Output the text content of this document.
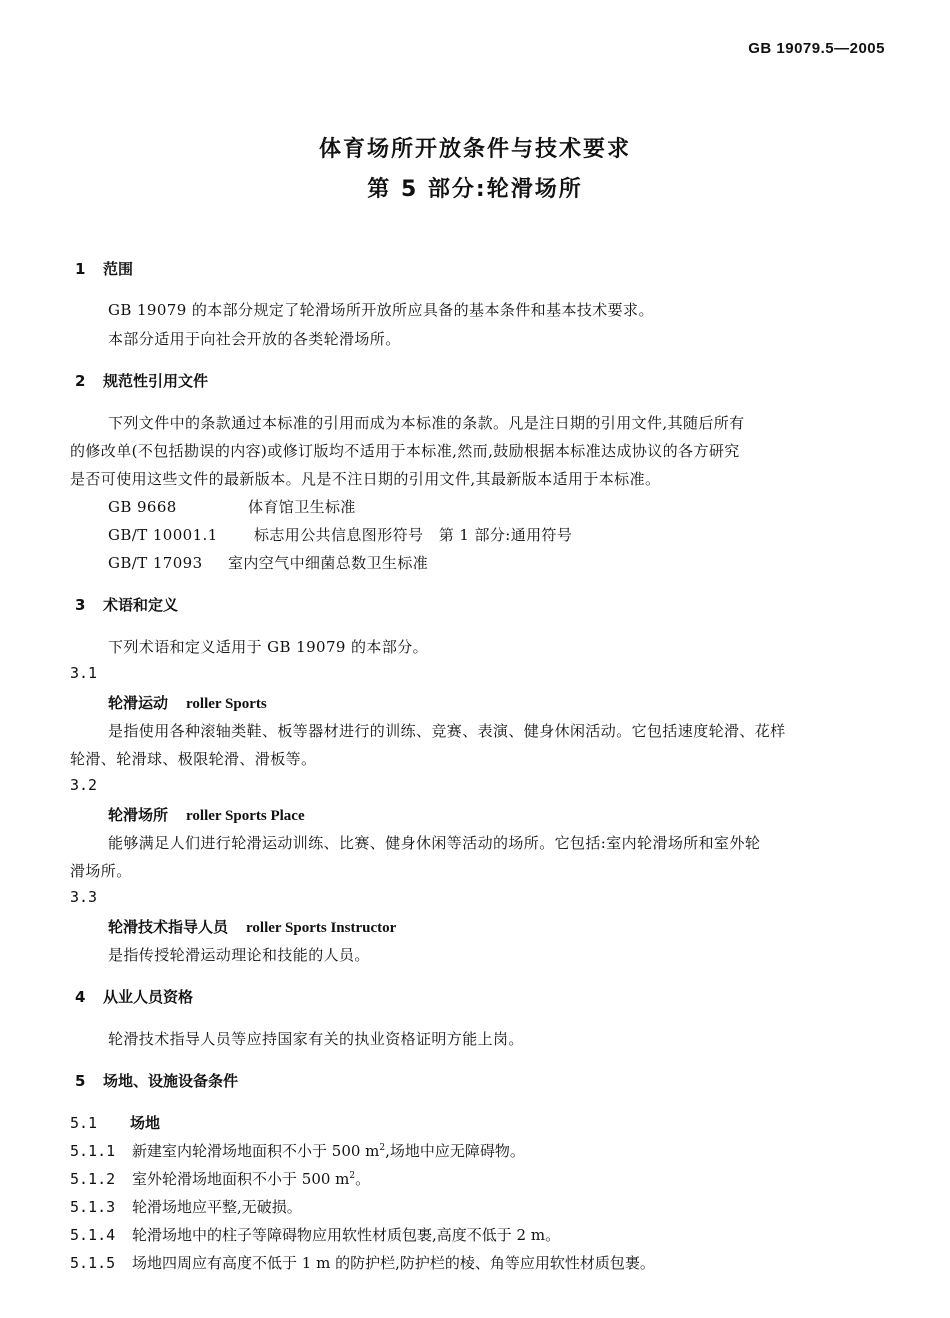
GB 19079.5—2005
体育场所开放条件与技术要求
第 5 部分:轮滑场所
1 范围
GB 19079 的本部分规定了轮滑场所开放所应具备的基本条件和基本技术要求。
本部分适用于向社会开放的各类轮滑场所。
2 规范性引用文件
下列文件中的条款通过本标准的引用而成为本标准的条款。凡是注日期的引用文件,其随后所有
的修改单(不包括勘误的内容)或修订版均不适用于本标准,然而,鼓励根据本标准达成协议的各方研究
是否可使用这些文件的最新版本。凡是不注日期的引用文件,其最新版本适用于本标准。
GB 9668	体育馆卫生标准
GB/T 10001.1 标志用公共信息图形符号　第 1 部分:通用符号
GB/T 17093 室内空气中细菌总数卫生标准
3 术语和定义
下列术语和定义适用于 GB 19079 的本部分。
3.1
轮滑运动 roller Sports
是指使用各种滚轴类鞋、板等器材进行的训练、竞赛、表演、健身休闲活动。它包括速度轮滑、花样
轮滑、轮滑球、极限轮滑、滑板等。
3.2
轮滑场所 roller Sports Place
能够满足人们进行轮滑运动训练、比赛、健身休闲等活动的场所。它包括:室内轮滑场所和室外轮
滑场所。
3.3
轮滑技术指导人员 roller Sports Instructor
是指传授轮滑运动理论和技能的人员。
4 从业人员资格
轮滑技术指导人员等应持国家有关的执业资格证明方能上岗。
5 场地、设施设备条件
5.1 场地
5.1.1 新建室内轮滑场地面积不小于 500 $m^2$,场地中应无障碍物。
5.1.2 室外轮滑场地面积不小于 500 $m^2$。
5.1.3 轮滑场地应平整,无破损。
5.1.4 轮滑场地中的柱子等障碍物应用软性材质包裹,高度不低于 2 m。
5.1.5 场地四周应有高度不低于 1 m 的防护栏,防护栏的棱、角等应用软性材质包裹。
